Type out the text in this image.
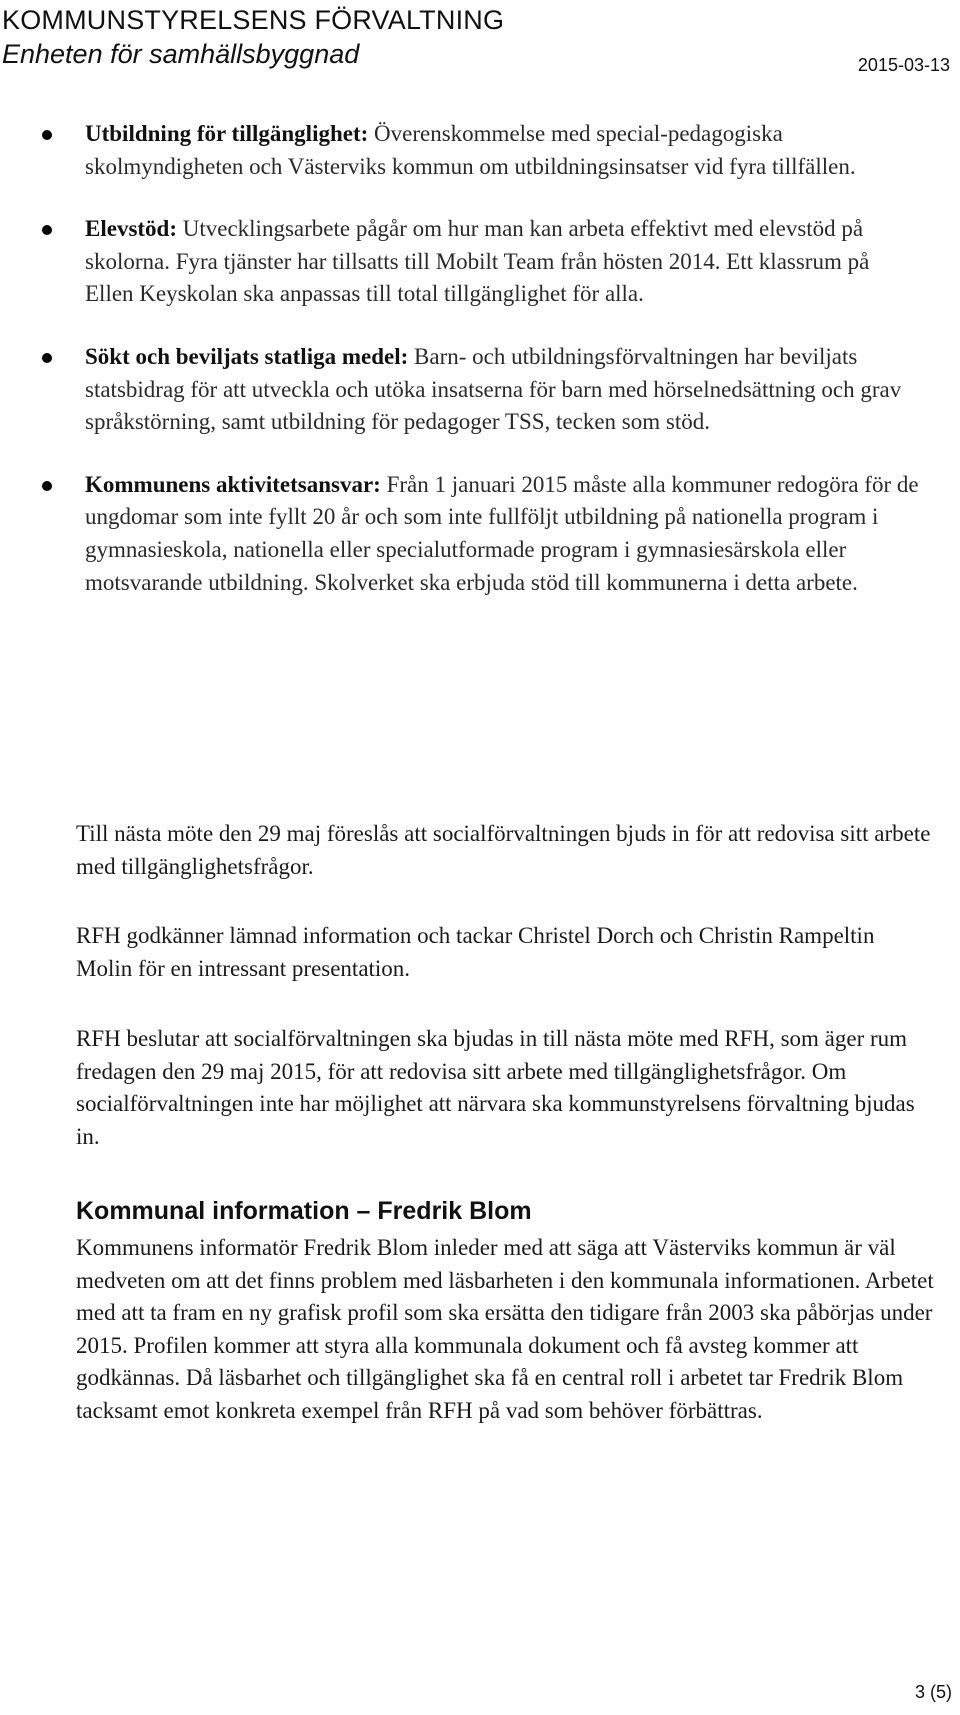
KOMMUNSTYRELSENS FÖRVALTNING
Enheten för samhällsbyggnad	2015-03-13
Utbildning för tillgänglighet: Överenskommelse med special-pedagogiska skolmyndigheten och Västerviks kommun om utbildningsinsatser vid fyra tillfällen.
Elevstöd: Utvecklingsarbete pågår om hur man kan arbeta effektivt med elevstöd på skolorna. Fyra tjänster har tillsatts till Mobilt Team från hösten 2014. Ett klassrum på Ellen Keyskolan ska anpassas till total tillgänglighet för alla.
Sökt och beviljats statliga medel: Barn- och utbildningsförvaltningen har beviljats statsbidrag för att utveckla och utöka insatserna för barn med hörselnedsättning och grav språkstörning, samt utbildning för pedagoger TSS, tecken som stöd.
Kommunens aktivitetsansvar: Från 1 januari 2015 måste alla kommuner redogöra för de ungdomar som inte fyllt 20 år och som inte fullföljt utbildning på nationella program i gymnasieskola, nationella eller specialutformade program i gymnasiesärskola eller motsvarande utbildning. Skolverket ska erbjuda stöd till kommunerna i detta arbete.

Till nästa möte den 29 maj föreslås att socialförvaltningen bjuds in för att redovisa sitt arbete med tillgänglighetsfrågor.

RFH godkänner lämnad information och tackar Christel Dorch och Christin Rampeltin Molin för en intressant presentation.

RFH beslutar att socialförvaltningen ska bjudas in till nästa möte med RFH, som äger rum fredagen den 29 maj 2015, för att redovisa sitt arbete med tillgänglighetsfrågor. Om socialförvaltningen inte har möjlighet att närvara ska kommunstyrelsens förvaltning bjudas in.

Kommunal information – Fredrik Blom

Kommunens informatör Fredrik Blom inleder med att säga att Västerviks kommun är väl medveten om att det finns problem med läsbarheten i den kommunala informationen. Arbetet med att ta fram en ny grafisk profil som ska ersätta den tidigare från 2003 ska påbörjas under 2015. Profilen kommer att styra alla kommunala dokument och få avsteg kommer att godkännas. Då läsbarhet och tillgänglighet ska få en central roll i arbetet tar Fredrik Blom tacksamt emot konkreta exempel från RFH på vad som behöver förbättras.

3 (5)
